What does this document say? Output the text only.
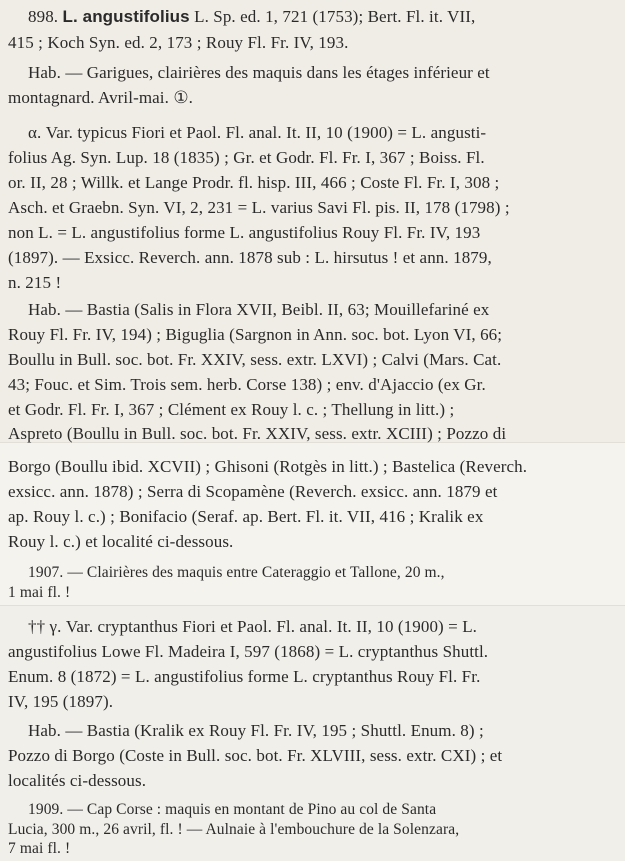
898. L. angustifolius L. Sp. ed. 1, 721 (1753); Bert. Fl. it. VII,
415 ; Koch Syn. ed. 2, 173 ; Rouy Fl. Fr. IV, 193.
Hab. — Garigues, clairières des maquis dans les étages inférieur et
montagnard. Avril-mai. ①.
α. Var. typicus Fiori et Paol. Fl. anal. It. II, 10 (1900) = L. angusti-
folius Ag. Syn. Lup. 18 (1835) ; Gr. et Godr. Fl. Fr. I, 367 ; Boiss. Fl.
or. II, 28 ; Willk. et Lange Prodr. fl. hisp. III, 466 ; Coste Fl. Fr. I, 308 ;
Asch. et Graebn. Syn. VI, 2, 231 = L. varius Savi Fl. pis. II, 178 (1798) ;
non L. = L. angustifolius forme L. angustifolius Rouy Fl. Fr. IV, 193
(1897). — Exsicc. Reverch. ann. 1878 sub : L. hirsutus ! et ann. 1879,
n. 215 !
Hab. — Bastia (Salis in Flora XVII, Beibl. II, 63; Mouillefariné ex
Rouy Fl. Fr. IV, 194) ; Biguglia (Sargnon in Ann. soc. bot. Lyon VI, 66;
Boullu in Bull. soc. bot. Fr. XXIV, sess. extr. LXVI) ; Calvi (Mars. Cat.
43; Fouc. et Sim. Trois sem. herb. Corse 138) ; env. d'Ajaccio (ex Gr.
et Godr. Fl. Fr. I, 367 ; Clément ex Rouy l. c. ; Thellung in litt.) ;
Aspreto (Boullu in Bull. soc. bot. Fr. XXIV, sess. extr. XCIII) ; Pozzo di
Borgo (Boullu ibid. XCVII) ; Ghisoni (Rotgès in litt.) ; Bastelica (Reverch.
exsicc. ann. 1878) ; Serra di Scopamène (Reverch. exsicc. ann. 1879 et
ap. Rouy l. c.) ; Bonifacio (Seraf. ap. Bert. Fl. it. VII, 416 ; Kralik ex
Rouy l. c.) et localité ci-dessous.
1907. — Clairières des maquis entre Cateraggio et Tallone, 20 m.,
1 mai fl. !
†† γ. Var. cryptanthus Fiori et Paol. Fl. anal. It. II, 10 (1900) = L.
angustifolius Lowe Fl. Madeira I, 597 (1868) = L. cryptanthus Shuttl.
Enum. 8 (1872) = L. angustifolius forme L. cryptanthus Rouy Fl. Fr.
IV, 195 (1897).
Hab. — Bastia (Kralik ex Rouy Fl. Fr. IV, 195 ; Shuttl. Enum. 8) ;
Pozzo di Borgo (Coste in Bull. soc. bot. Fr. XLVIII, sess. extr. CXI) ; et
localités ci-dessous.
1909. — Cap Corse : maquis en montant de Pino au col de Santa
Lucia, 300 m., 26 avril, fl. ! — Aulnaie à l'embouchure de la Solenzara,
7 mai fl. !
